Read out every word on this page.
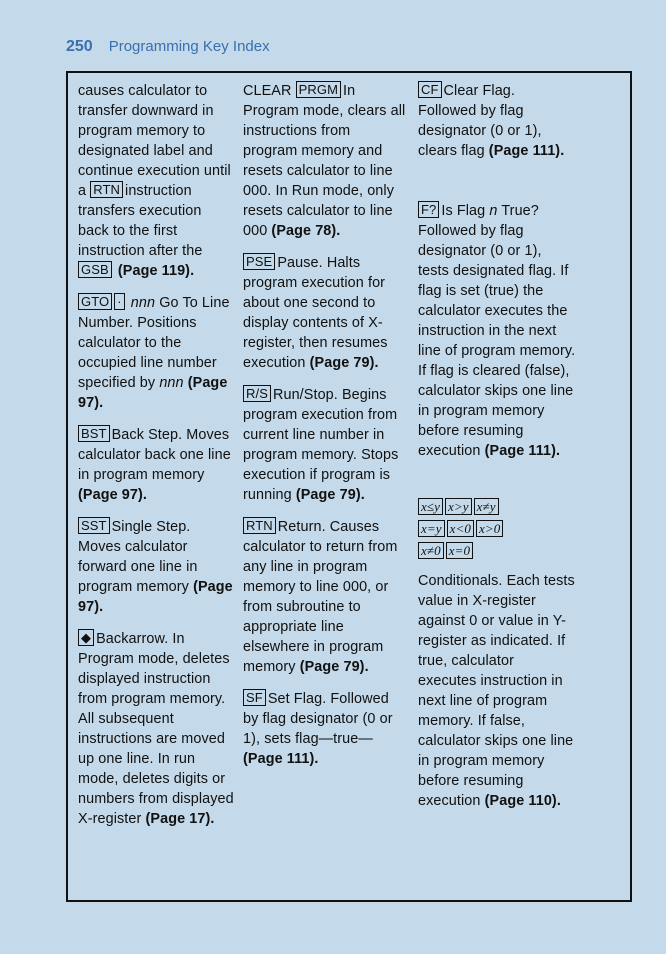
250 Programming Key Index
causes calculator to transfer downward in program memory to designated label and continue execution until a RTN instruction transfers execution back to the first instruction after the GSB (Page 119).
GTO · nnn Go To Line Number. Positions calculator to the occupied line number specified by nnn (Page 97).
BST Back Step. Moves calculator back one line in program memory (Page 97).
SST Single Step. Moves calculator forward one line in program memory (Page 97).
◆ Backarrow. In Program mode, deletes displayed instruction from program memory. All subsequent instructions are moved up one line. In run mode, deletes digits or numbers from displayed X-register (Page 17).
CLEAR PRGM In Program mode, clears all instructions from program memory and resets calculator to line 000. In Run mode, only resets calculator to line 000 (Page 78).
PSE Pause. Halts program execution for about one second to display contents of X-register, then resumes execution (Page 79).
R/S Run/Stop. Begins program execution from current line number in program memory. Stops execution if program is running (Page 79).
RTN Return. Causes calculator to return from any line in program memory to line 000, or from subroutine to appropriate line elsewhere in program memory (Page 79).
SF Set Flag. Followed by flag designator (0 or 1), sets flag—true— (Page 111).
CF Clear Flag. Followed by flag designator (0 or 1), clears flag (Page 111).
F? Is Flag n True? Followed by flag designator (0 or 1), tests designated flag. If flag is set (true) the calculator executes the instruction in the next line of program memory. If flag is cleared (false), calculator skips one line in program memory before resuming execution (Page 111).
x≤y x>y x≠y
x=y x<0 x>0
x≠0 x=0
Conditionals. Each tests value in X-register against 0 or value in Y-register as indicated. If true, calculator executes instruction in next line of program memory. If false, calculator skips one line in program memory before resuming execution (Page 110).
